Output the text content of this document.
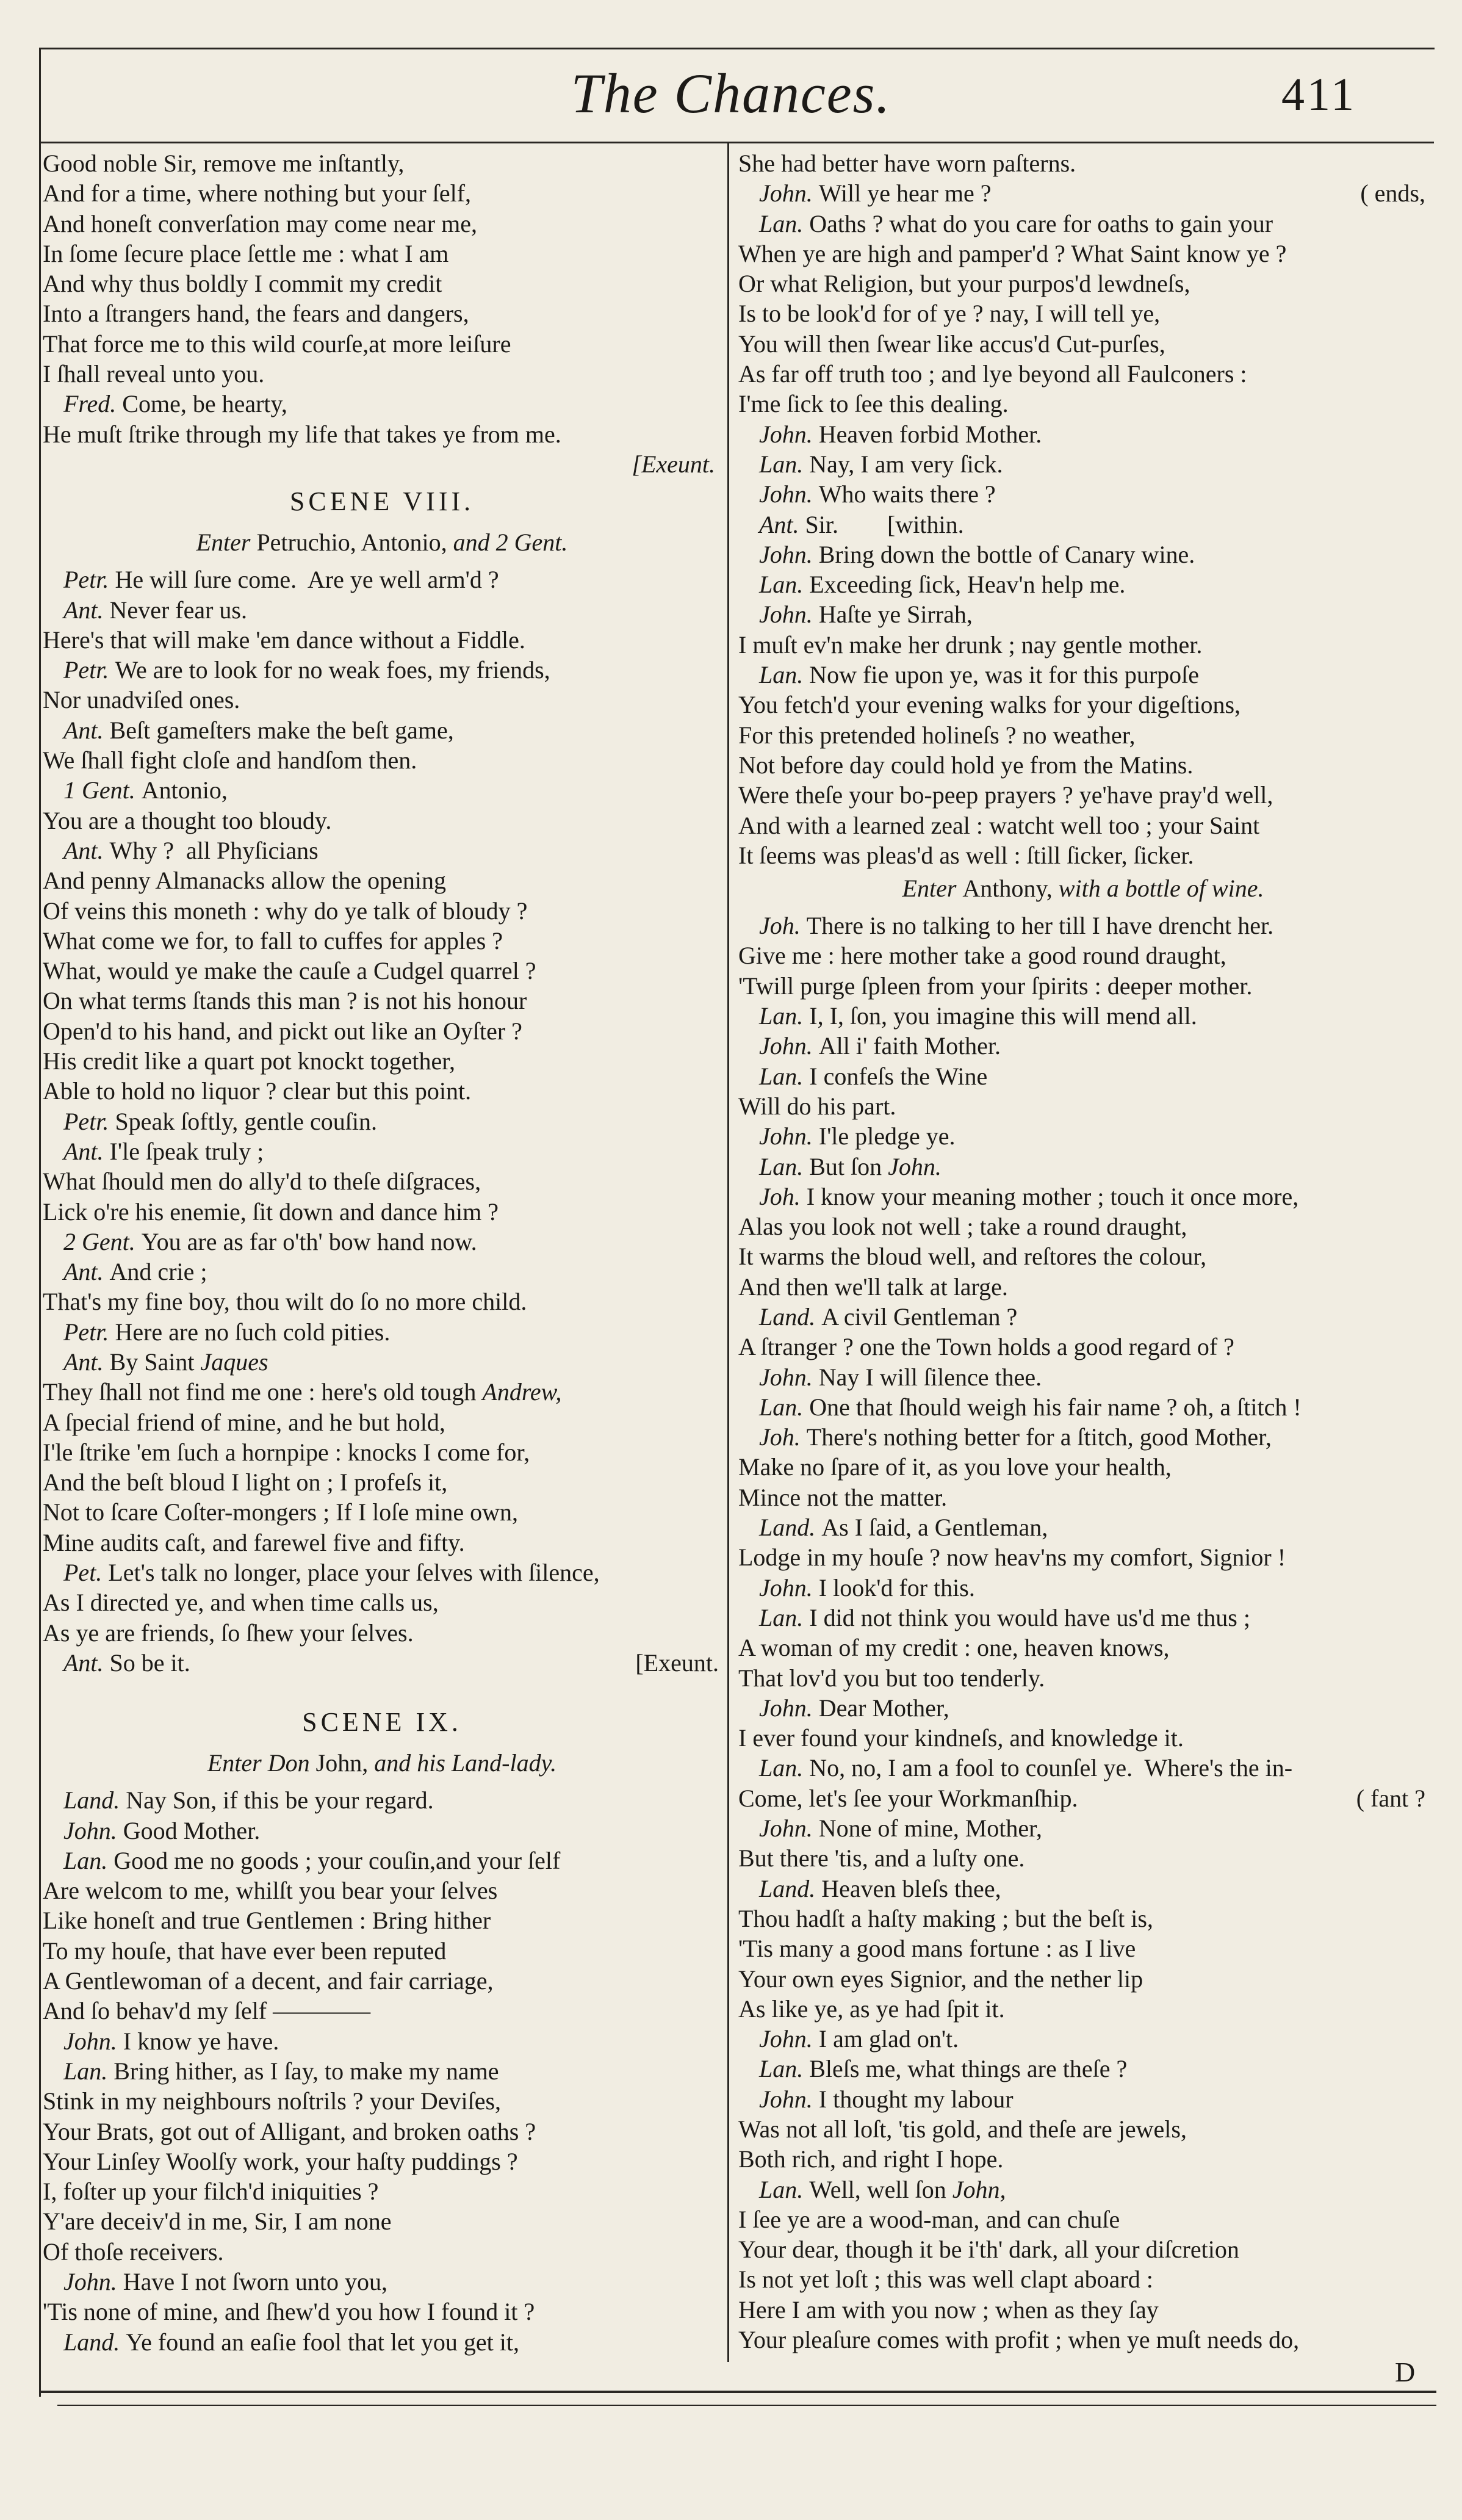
The Chances.	411
Good noble Sir, remove me inſtantly,
And for a time, where nothing but your ſelf,
And honeſt converſation may come near me,
In ſome ſecure place ſettle me : what I am
And why thus boldly I commit my credit
Into a ſtrangers hand, the fears and dangers,
That force me to this wild courſe,at more leiſure
I ſhall reveal unto you.
Fred. Come, be hearty,
He muſt ſtrike through my life that takes ye from me.
[Exeunt.
SCENE VIII.
Enter Petruchio, Antonio, and 2 Gent.
Petr. He will ſure come.  Are ye well arm'd ?
Ant. Never fear us.
Here's that will make 'em dance without a Fiddle.
Petr. We are to look for no weak foes, my friends,
Nor unadviſed ones.
Ant. Beſt gameſters make the beſt game,
We ſhall fight cloſe and handſom then.
1 Gent. Antonio,
You are a thought too bloudy.
Ant. Why ?  all Phyſicians
And penny Almanacks allow the opening
Of veins this moneth : why do ye talk of bloudy ?
What come we for, to fall to cuffes for apples ?
What, would ye make the cauſe a Cudgel quarrel ?
On what terms ſtands this man ? is not his honour
Open'd to his hand, and pickt out like an Oyſter ?
His credit like a quart pot knockt together,
Able to hold no liquor ? clear but this point.
Petr. Speak ſoftly, gentle couſin.
Ant. I'le ſpeak truly ;
What ſhould men do ally'd to theſe diſgraces,
Lick o're his enemie, ſit down and dance him ?
2 Gent. You are as far o'th' bow hand now.
Ant. And crie ;
That's my fine boy, thou wilt do ſo no more child.
Petr. Here are no ſuch cold pities.
Ant. By Saint Jaques
They ſhall not find me one : here's old tough Andrew,
A ſpecial friend of mine, and he but hold,
I'le ſtrike 'em ſuch a hornpipe : knocks I come for,
And the beſt bloud I light on ; I profeſs it,
Not to ſcare Coſter-mongers ; If I loſe mine own,
Mine audits caſt, and farewel five and fifty.
Pet. Let's talk no longer, place your ſelves with ſilence,
As I directed ye, and when time calls us,
As ye are friends, ſo ſhew your ſelves.
Ant. So be it.	[Exeunt.
SCENE IX.
Enter Don John, and his Land-lady.
Land. Nay Son, if this be your regard.
John. Good Mother.
Lan. Good me no goods ; your couſin,and your ſelf
Are welcom to me, whilſt you bear your ſelves
Like honeſt and true Gentlemen : Bring hither
To my houſe, that have ever been reputed
A Gentlewoman of a decent, and fair carriage,
And ſo behav'd my ſelf ————
John. I know ye have.
Lan. Bring hither, as I ſay, to make my name
Stink in my neighbours noſtrils ? your Deviſes,
Your Brats, got out of Alligant, and broken oaths ?
Your Linſey Woolſy work, your haſty puddings ?
I, foſter up your filch'd iniquities ?
Y'are deceiv'd in me, Sir, I am none
Of thoſe receivers.
John. Have I not ſworn unto you,
'Tis none of mine, and ſhew'd you how I found it ?
Land. Ye found an eaſie fool that let you get it,
She had better have worn paſterns.
John. Will ye hear me ?	( ends,
Lan. Oaths ? what do you care for oaths to gain your
When ye are high and pamper'd ? What Saint know ye ?
Or what Religion, but your purpos'd lewdneſs,
Is to be look'd for of ye ? nay, I will tell ye,
You will then ſwear like accus'd Cut-purſes,
As far off truth too ; and lye beyond all Faulconers :
I'me ſick to ſee this dealing.
John. Heaven forbid Mother.
Lan. Nay, I am very ſick.
John. Who waits there ?
Ant. Sir.        [within.
John. Bring down the bottle of Canary wine.
Lan. Exceeding ſick, Heav'n help me.
John. Haſte ye Sirrah,
I muſt ev'n make her drunk ; nay gentle mother.
Lan. Now fie upon ye, was it for this purpoſe
You fetch'd your evening walks for your digeſtions,
For this pretended holineſs ? no weather,
Not before day could hold ye from the Matins.
Were theſe your bo-peep prayers ? ye'have pray'd well,
And with a learned zeal : watcht well too ; your Saint
It ſeems was pleas'd as well : ſtill ſicker, ſicker.
Enter Anthony, with a bottle of wine.
Joh. There is no talking to her till I have drencht her.
Give me : here mother take a good round draught,
'Twill purge ſpleen from your ſpirits : deeper mother.
Lan. I, I, ſon, you imagine this will mend all.
John. All i' faith Mother.
Lan. I confeſs the Wine
Will do his part.
John. I'le pledge ye.
Lan. But ſon John.
Joh. I know your meaning mother ; touch it once more,
Alas you look not well ; take a round draught,
It warms the bloud well, and reſtores the colour,
And then we'll talk at large.
Land. A civil Gentleman ?
A ſtranger ? one the Town holds a good regard of ?
John. Nay I will ſilence thee.
Lan. One that ſhould weigh his fair name ? oh, a ſtitch !
Joh. There's nothing better for a ſtitch, good Mother,
Make no ſpare of it, as you love your health,
Mince not the matter.
Land. As I ſaid, a Gentleman,
Lodge in my houſe ? now heav'ns my comfort, Signior !
John. I look'd for this.
Lan. I did not think you would have us'd me thus ;
A woman of my credit : one, heaven knows,
That lov'd you but too tenderly.
John. Dear Mother,
I ever found your kindneſs, and knowledge it.
Lan. No, no, I am a fool to counſel ye.  Where's the in-
Come, let's ſee your Workmanſhip.	( fant ?
John. None of mine, Mother,
But there 'tis, and a luſty one.
Land. Heaven bleſs thee,
Thou hadſt a haſty making ; but the beſt is,
'Tis many a good mans fortune : as I live
Your own eyes Signior, and the nether lip
As like ye, as ye had ſpit it.
John. I am glad on't.
Lan. Bleſs me, what things are theſe ?
John. I thought my labour
Was not all loſt, 'tis gold, and theſe are jewels,
Both rich, and right I hope.
Lan. Well, well ſon John,
I ſee ye are a wood-man, and can chuſe
Your dear, though it be i'th' dark, all your diſcretion
Is not yet loſt ; this was well clapt aboard :
Here I am with you now ; when as they ſay
Your pleaſure comes with profit ; when ye muſt needs do,
D
